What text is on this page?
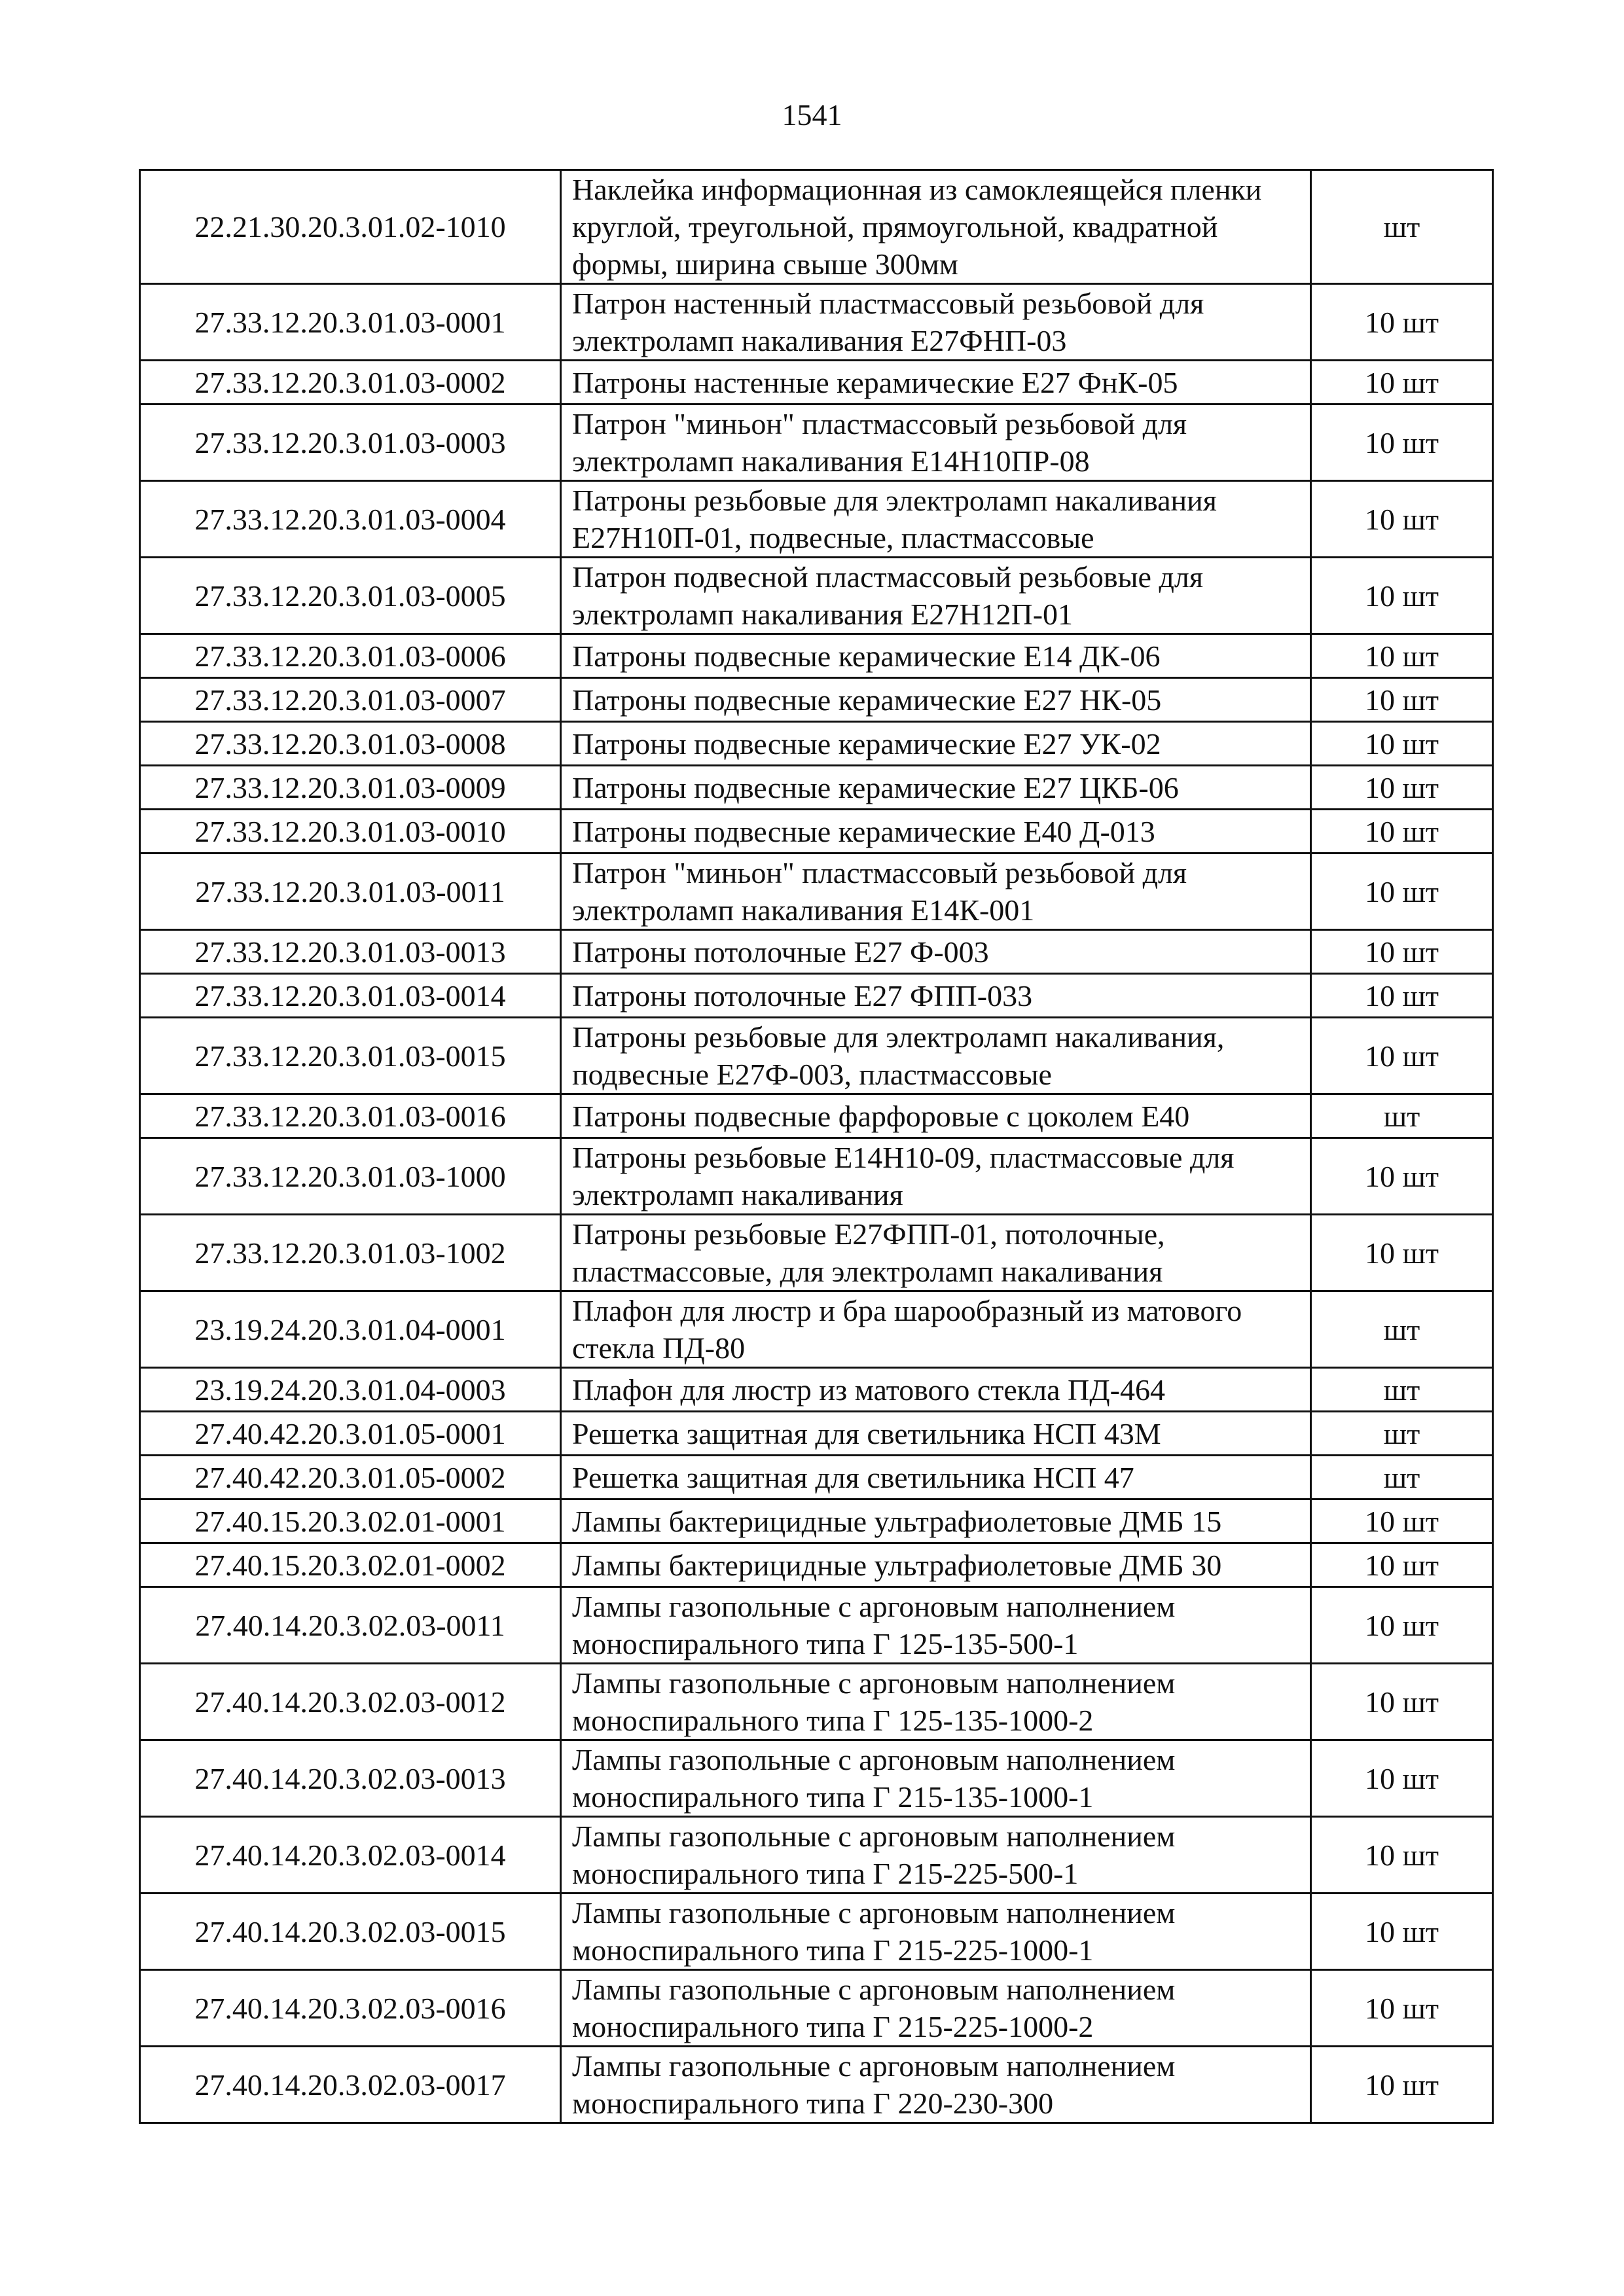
1541
22.21.30.20.3.01.02-1010	Наклейка информационная из самоклеящейся пленки круглой, треугольной, прямоугольной, квадратной формы, ширина свыше 300мм	шт
27.33.12.20.3.01.03-0001	Патрон настенный пластмассовый резьбовой для электроламп накаливания Е27ФНП-03	10 шт
27.33.12.20.3.01.03-0002	Патроны настенные керамические Е27 ФнК-05	10 шт
27.33.12.20.3.01.03-0003	Патрон "миньон" пластмассовый резьбовой для электроламп накаливания Е14Н10ПР-08	10 шт
27.33.12.20.3.01.03-0004	Патроны резьбовые для электроламп накаливания Е27Н10П-01, подвесные, пластмассовые	10 шт
27.33.12.20.3.01.03-0005	Патрон подвесной пластмассовый резьбовые для электроламп накаливания Е27Н12П-01	10 шт
27.33.12.20.3.01.03-0006	Патроны подвесные керамические Е14 ДК-06	10 шт
27.33.12.20.3.01.03-0007	Патроны подвесные керамические Е27 НК-05	10 шт
27.33.12.20.3.01.03-0008	Патроны подвесные керамические Е27 УК-02	10 шт
27.33.12.20.3.01.03-0009	Патроны подвесные керамические Е27 ЦКБ-06	10 шт
27.33.12.20.3.01.03-0010	Патроны подвесные керамические Е40 Д-013	10 шт
27.33.12.20.3.01.03-0011	Патрон "миньон" пластмассовый резьбовой для электроламп накаливания Е14К-001	10 шт
27.33.12.20.3.01.03-0013	Патроны потолочные Е27 Ф-003	10 шт
27.33.12.20.3.01.03-0014	Патроны потолочные Е27 ФПП-033	10 шт
27.33.12.20.3.01.03-0015	Патроны резьбовые для электроламп накаливания, подвесные Е27Ф-003, пластмассовые	10 шт
27.33.12.20.3.01.03-0016	Патроны подвесные фарфоровые с цоколем Е40	шт
27.33.12.20.3.01.03-1000	Патроны резьбовые Е14Н10-09, пластмассовые для электроламп накаливания	10 шт
27.33.12.20.3.01.03-1002	Патроны резьбовые Е27ФПП-01, потолочные, пластмассовые, для электроламп накаливания	10 шт
23.19.24.20.3.01.04-0001	Плафон для люстр и бра шарообразный из матового стекла ПД-80	шт
23.19.24.20.3.01.04-0003	Плафон для люстр из матового стекла ПД-464	шт
27.40.42.20.3.01.05-0001	Решетка защитная для светильника НСП 43М	шт
27.40.42.20.3.01.05-0002	Решетка защитная для светильника НСП 47	шт
27.40.15.20.3.02.01-0001	Лампы бактерицидные ультрафиолетовые ДМБ 15	10 шт
27.40.15.20.3.02.01-0002	Лампы бактерицидные ультрафиолетовые ДМБ 30	10 шт
27.40.14.20.3.02.03-0011	Лампы газопольные с аргоновым наполнением моноспирального типа Г 125-135-500-1	10 шт
27.40.14.20.3.02.03-0012	Лампы газопольные с аргоновым наполнением моноспирального типа Г 125-135-1000-2	10 шт
27.40.14.20.3.02.03-0013	Лампы газопольные с аргоновым наполнением моноспирального типа Г 215-135-1000-1	10 шт
27.40.14.20.3.02.03-0014	Лампы газопольные с аргоновым наполнением моноспирального типа Г 215-225-500-1	10 шт
27.40.14.20.3.02.03-0015	Лампы газопольные с аргоновым наполнением моноспирального типа Г 215-225-1000-1	10 шт
27.40.14.20.3.02.03-0016	Лампы газопольные с аргоновым наполнением моноспирального типа Г 215-225-1000-2	10 шт
27.40.14.20.3.02.03-0017	Лампы газопольные с аргоновым наполнением моноспирального типа Г 220-230-300	10 шт
